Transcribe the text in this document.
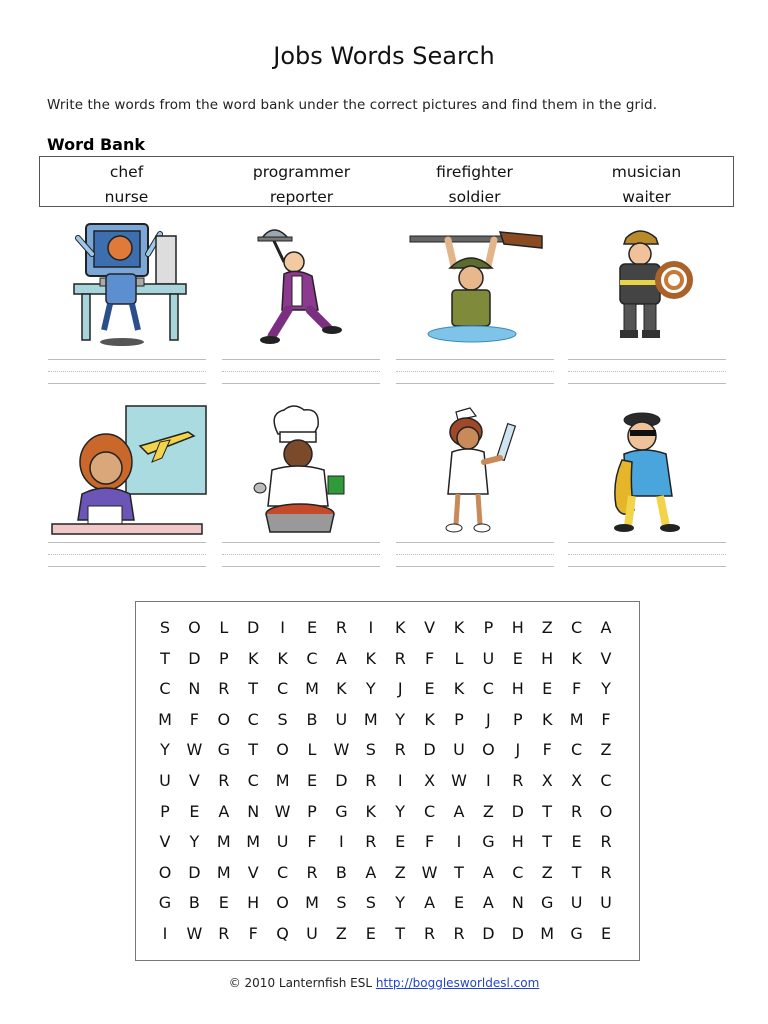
Jobs Words Search
Write the words from the word bank under the correct pictures and find them in the grid.
Word Bank
chef
nurse
programmer
reporter
firefighter
soldier
musician
waiter
S	O	L	D	I	E	R	I	K	V	K	P	H	Z	C	A
T	D	P	K	K	C	A	K	R	F	L	U	E	H	K	V
C	N	R	T	C	M	K	Y	J	E	K	C	H	E	F	Y
M	F	O	C	S	B	U	M	Y	K	P	J	P	K	M	F
Y	W G	T	O	L	W	S	R	D	U	O	J	F	C	Z
U	V	R	C	M	E	D	R	I	X	W	I	R	X	X	C
P	E	A	N W	P	G	K	Y	C	A	Z	D	T	R	O
V	Y	M M	U	F	I	R	E	F	I	G	H	T	E	R
O	D	M	V	C	R	B	A	Z	W	T	A	C	Z	T	R
G	B	E	H	O	M	S	S	Y	A	E	A	N	G	U	U
I	W R	F	Q	U	Z	E	T	R	R	D	D	M	G	E
© 2010 Lanternfish ESL http://bogglesworldesl.com
